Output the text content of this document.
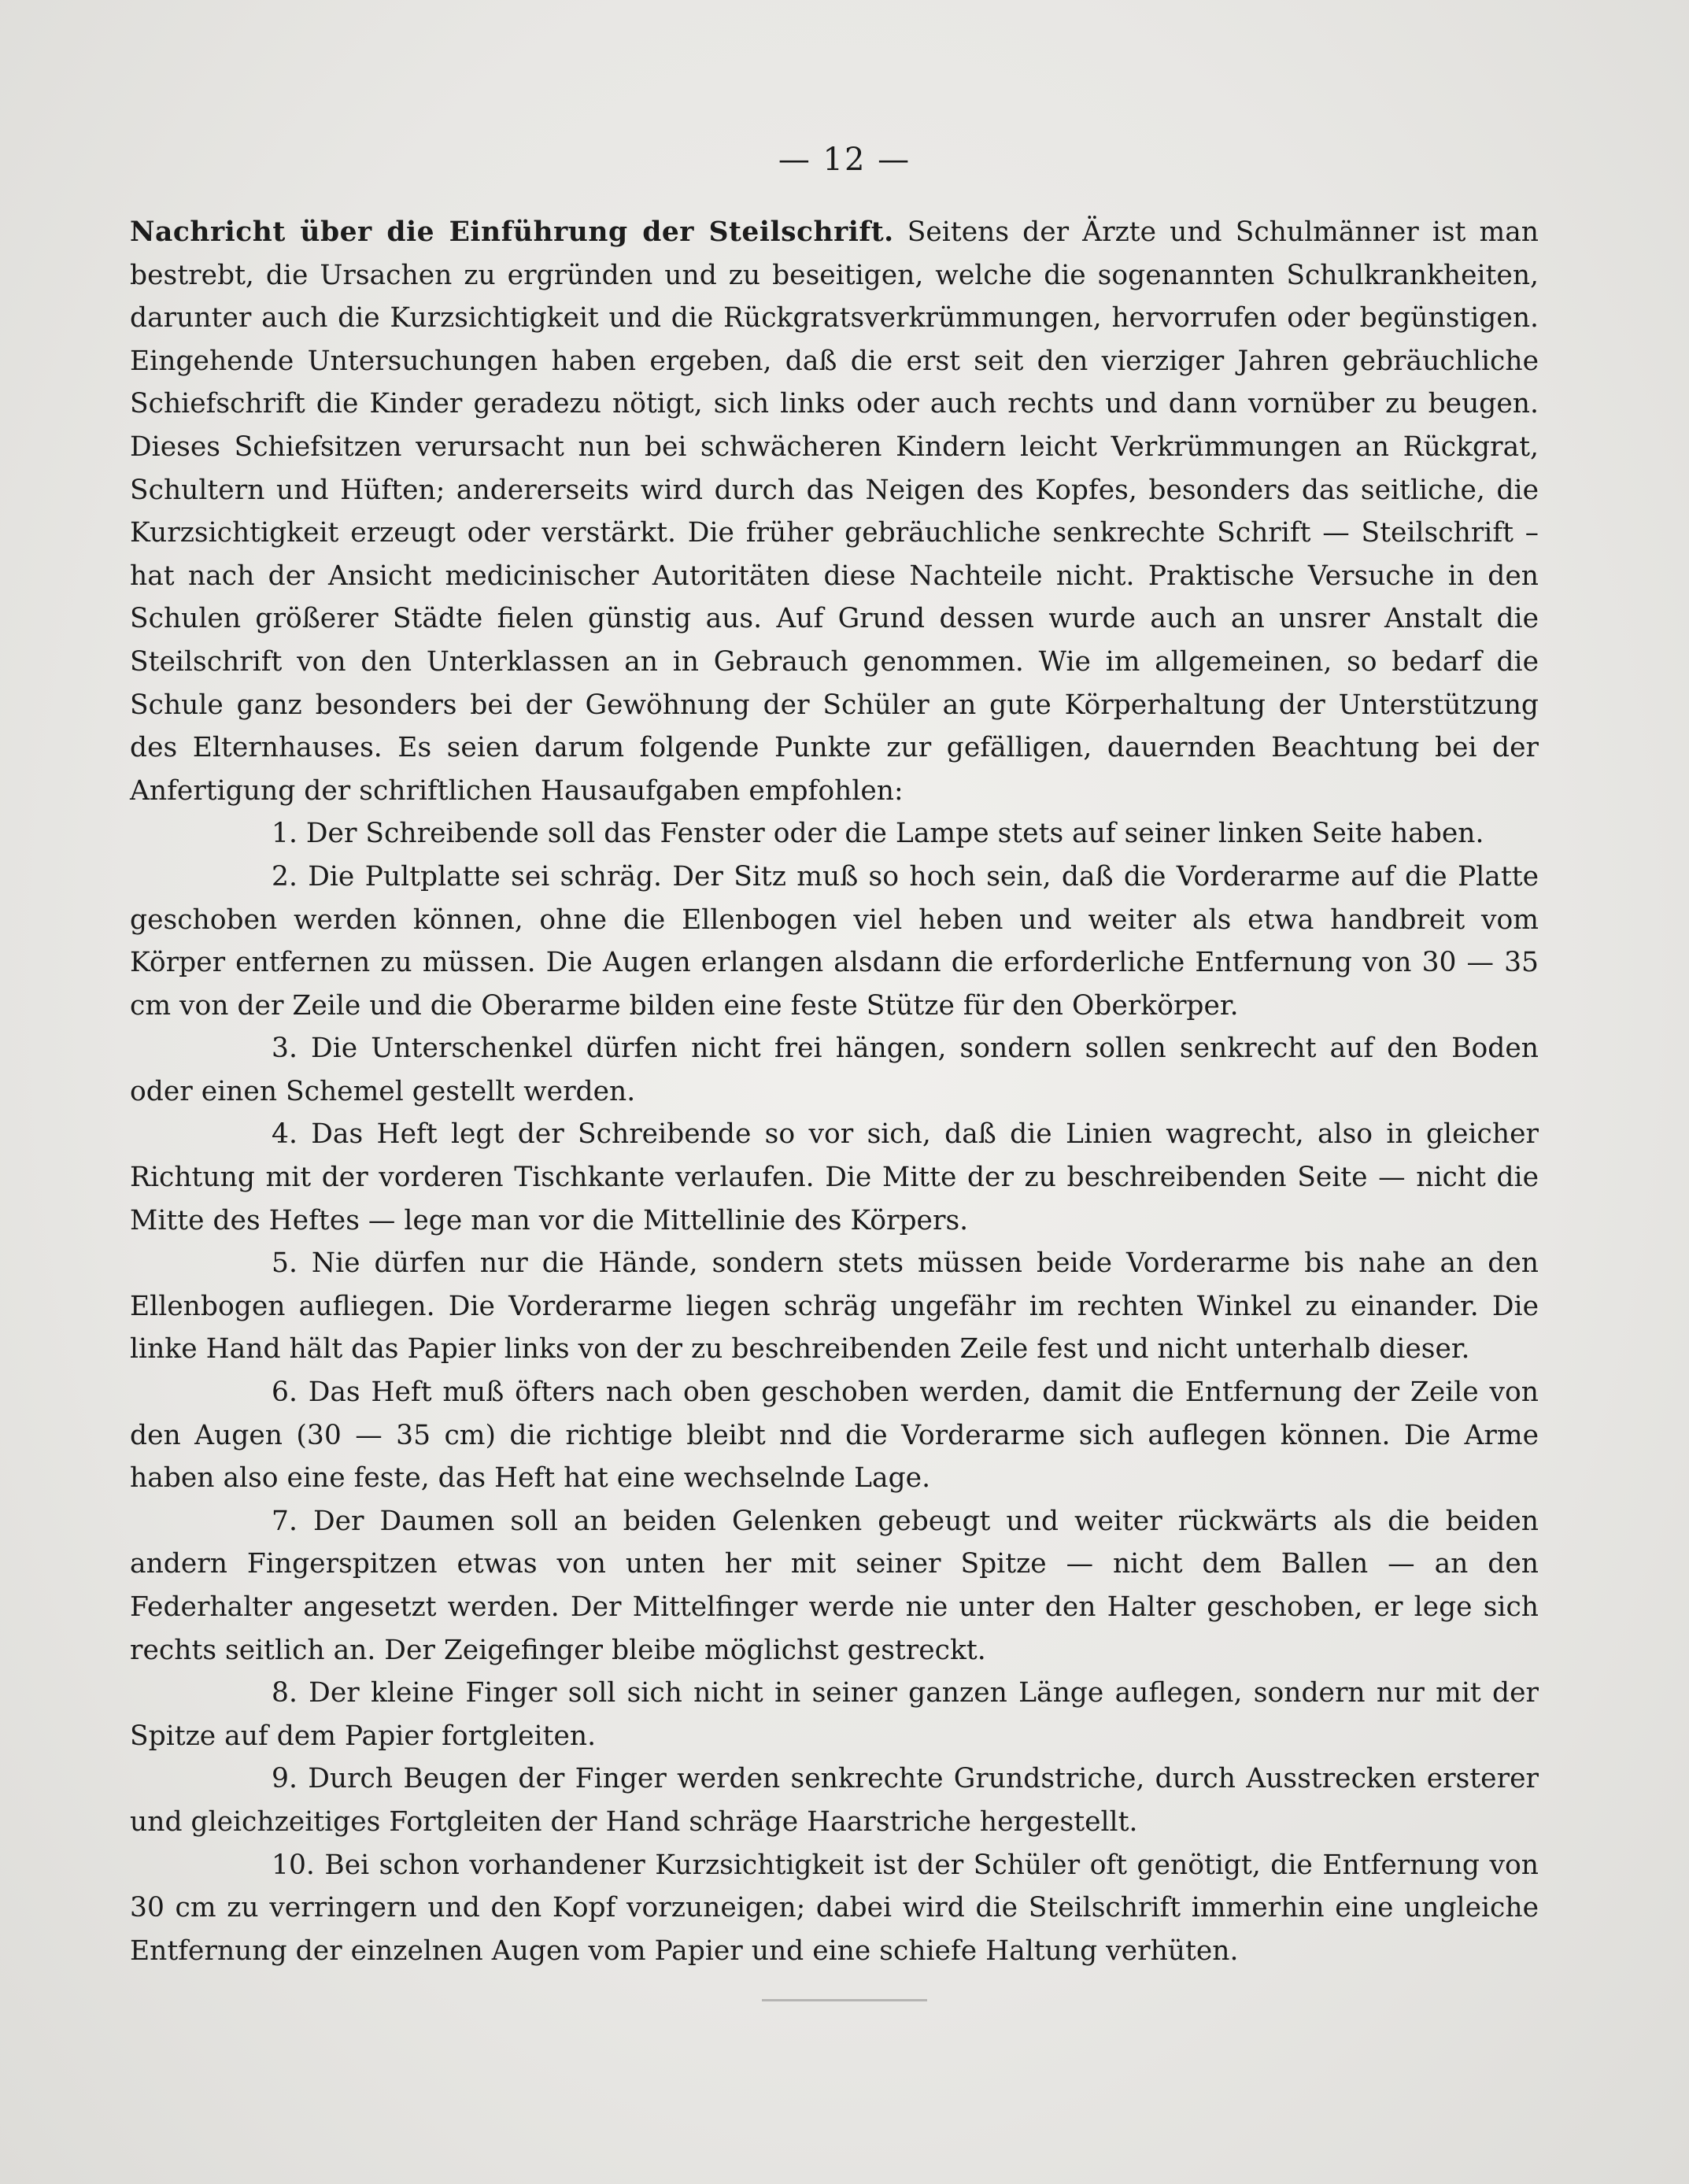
— 12 —

Nachricht über die Einführung der Steilschrift. Seitens der Ärzte und Schulmänner ist man bestrebt, die Ursachen zu ergründen und zu beseitigen, welche die sogenannten Schulkrankheiten, darunter auch die Kurzsichtigkeit und die Rückgratsverkrümmungen, hervorrufen oder begünstigen. Eingehende Untersuchungen haben ergeben, daß die erst seit den vierziger Jahren gebräuchliche Schiefschrift die Kinder geradezu nötigt, sich links oder auch rechts und dann vornüber zu beugen. Dieses Schiefsitzen verursacht nun bei schwächeren Kindern leicht Verkrümmungen an Rückgrat, Schultern und Hüften; andererseits wird durch das Neigen des Kopfes, besonders das seitliche, die Kurzsichtigkeit erzeugt oder verstärkt. Die früher gebräuchliche senkrechte Schrift — Steilschrift – hat nach der Ansicht medicinischer Autoritäten diese Nachteile nicht. Praktische Versuche in den Schulen größerer Städte fielen günstig aus. Auf Grund dessen wurde auch an unsrer Anstalt die Steilschrift von den Unterklassen an in Gebrauch genommen. Wie im allgemeinen, so bedarf die Schule ganz besonders bei der Gewöhnung der Schüler an gute Körperhaltung der Unterstützung des Elternhauses. Es seien darum folgende Punkte zur gefälligen, dauernden Beachtung bei der Anfertigung der schriftlichen Hausaufgaben empfohlen:

1. Der Schreibende soll das Fenster oder die Lampe stets auf seiner linken Seite haben.

2. Die Pultplatte sei schräg. Der Sitz muß so hoch sein, daß die Vorderarme auf die Platte geschoben werden können, ohne die Ellenbogen viel heben und weiter als etwa handbreit vom Körper entfernen zu müssen. Die Augen erlangen alsdann die erforderliche Entfernung von 30 — 35 cm von der Zeile und die Oberarme bilden eine feste Stütze für den Oberkörper.

3. Die Unterschenkel dürfen nicht frei hängen, sondern sollen senkrecht auf den Boden oder einen Schemel gestellt werden.

4. Das Heft legt der Schreibende so vor sich, daß die Linien wagrecht, also in gleicher Richtung mit der vorderen Tischkante verlaufen. Die Mitte der zu beschreibenden Seite — nicht die Mitte des Heftes — lege man vor die Mittellinie des Körpers.

5. Nie dürfen nur die Hände, sondern stets müssen beide Vorderarme bis nahe an den Ellenbogen aufliegen. Die Vorderarme liegen schräg ungefähr im rechten Winkel zu einander. Die linke Hand hält das Papier links von der zu beschreibenden Zeile fest und nicht unterhalb dieser.

6. Das Heft muß öfters nach oben geschoben werden, damit die Entfernung der Zeile von den Augen (30 — 35 cm) die richtige bleibt nnd die Vorderarme sich auflegen können. Die Arme haben also eine feste, das Heft hat eine wechselnde Lage.

7. Der Daumen soll an beiden Gelenken gebeugt und weiter rückwärts als die beiden andern Fingerspitzen etwas von unten her mit seiner Spitze — nicht dem Ballen — an den Federhalter angesetzt werden. Der Mittelfinger werde nie unter den Halter geschoben, er lege sich rechts seitlich an. Der Zeigefinger bleibe möglichst gestreckt.

8. Der kleine Finger soll sich nicht in seiner ganzen Länge auflegen, sondern nur mit der Spitze auf dem Papier fortgleiten.

9. Durch Beugen der Finger werden senkrechte Grundstriche, durch Ausstrecken ersterer und gleichzeitiges Fortgleiten der Hand schräge Haarstriche hergestellt.

10. Bei schon vorhandener Kurzsichtigkeit ist der Schüler oft genötigt, die Entfernung von 30 cm zu verringern und den Kopf vorzuneigen; dabei wird die Steilschrift immerhin eine ungleiche Entfernung der einzelnen Augen vom Papier und eine schiefe Haltung verhüten.
